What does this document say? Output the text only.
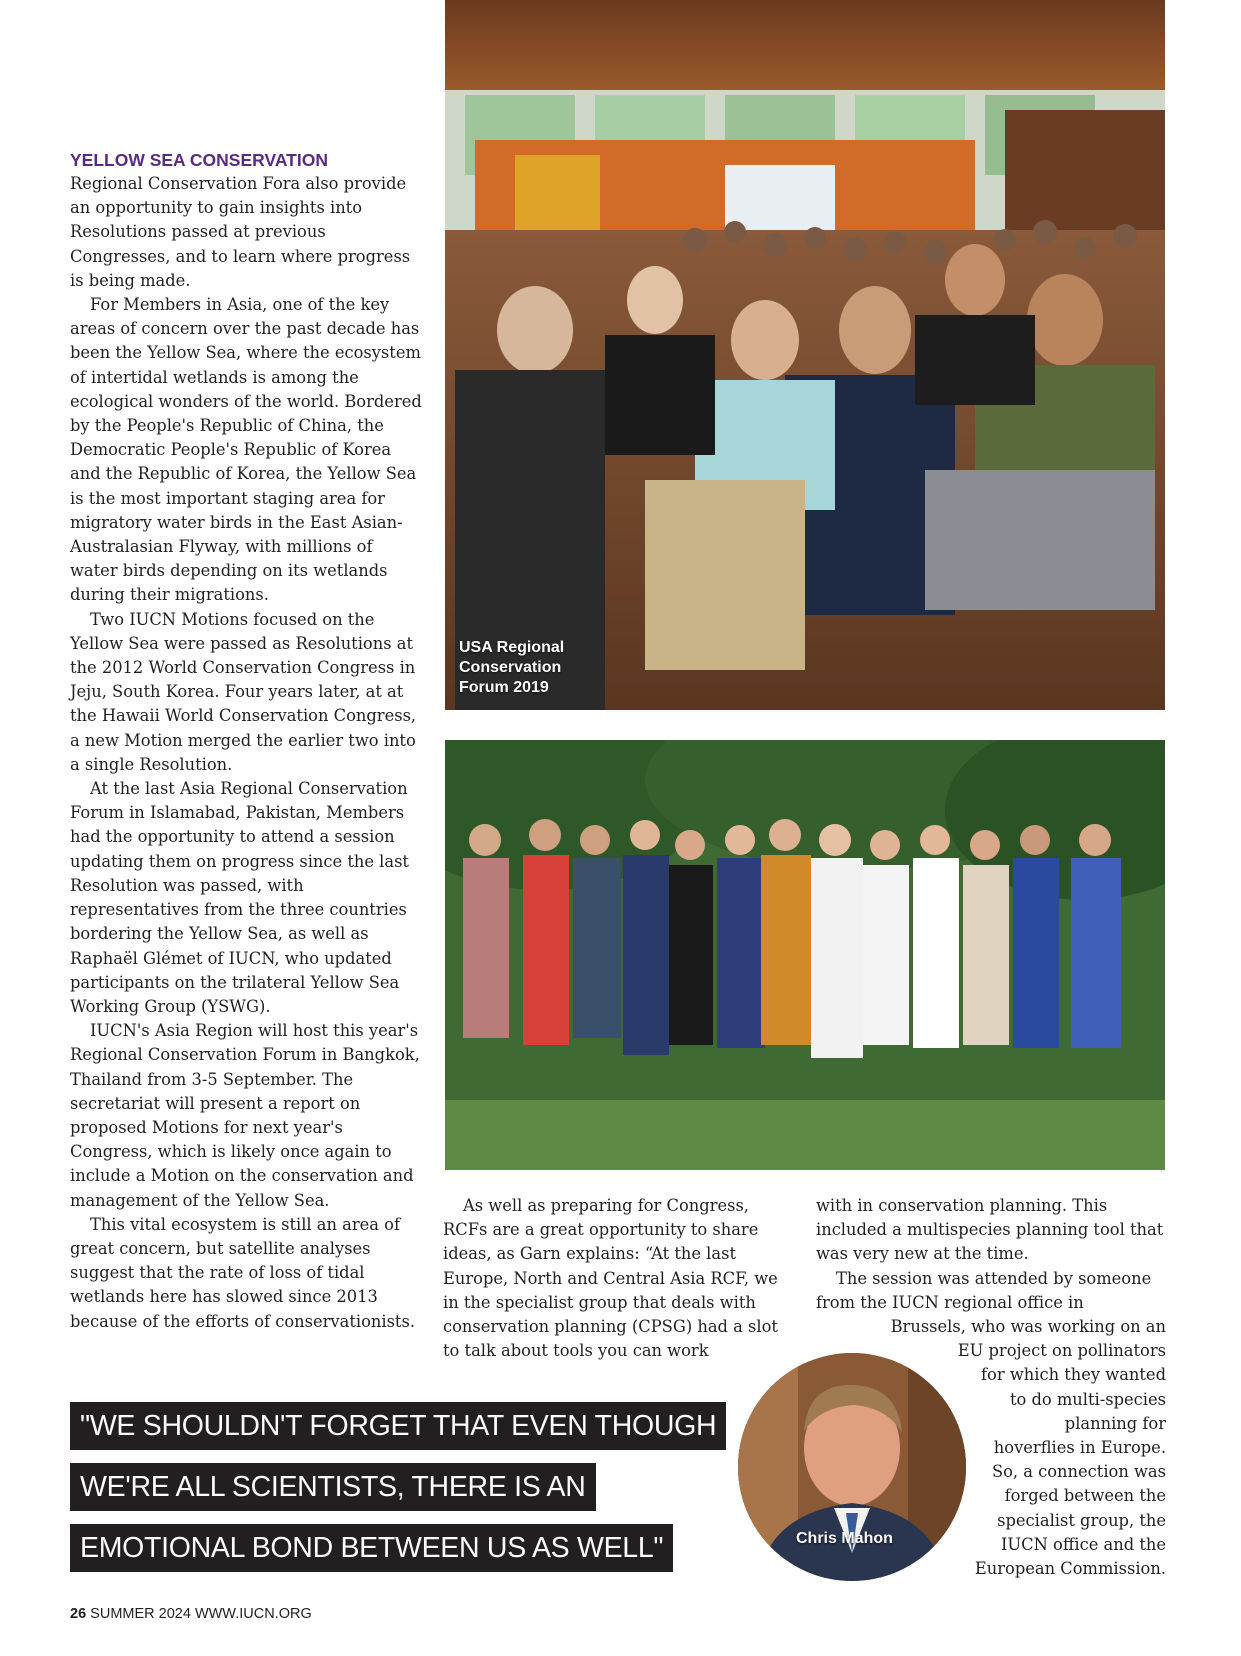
YELLOW SEA CONSERVATION

Regional Conservation Fora also provide an opportunity to gain insights into Resolutions passed at previous Congresses, and to learn where progress is being made.

For Members in Asia, one of the key areas of concern over the past decade has been the Yellow Sea, where the ecosystem of intertidal wetlands is among the ecological wonders of the world. Bordered by the People's Republic of China, the Democratic People's Republic of Korea and the Republic of Korea, the Yellow Sea is the most important staging area for migratory water birds in the East Asian-Australasian Flyway, with millions of water birds depending on its wetlands during their migrations.

Two IUCN Motions focused on the Yellow Sea were passed as Resolutions at the 2012 World Conservation Congress in Jeju, South Korea. Four years later, at at the Hawaii World Conservation Congress, a new Motion merged the earlier two into a single Resolution.

At the last Asia Regional Conservation Forum in Islamabad, Pakistan, Members had the opportunity to attend a session updating them on progress since the last Resolution was passed, with representatives from the three countries bordering the Yellow Sea, as well as Raphaël Glémet of IUCN, who updated participants on the trilateral Yellow Sea Working Group (YSWG).

IUCN's Asia Region will host this year's Regional Conservation Forum in Bangkok, Thailand from 3-5 September. The secretariat will present a report on proposed Motions for next year's Congress, which is likely once again to include a Motion on the conservation and management of the Yellow Sea.

This vital ecosystem is still an area of great concern, but satellite analyses suggest that the rate of loss of tidal wetlands here has slowed since 2013 because of the efforts of conservationists.

USA Regional
Conservation
Forum 2019

As well as preparing for Congress, RCFs are a great opportunity to share ideas, as Garn explains: “At the last Europe, North and Central Asia RCF, we in the specialist group that deals with conservation planning (CPSG) had a slot to talk about tools you can work

with in conservation planning. This included a multispecies planning tool that was very new at the time.

The session was attended by someone from the IUCN regional office in

Brussels, who was working on an

EU project on pollinators

for which they wanted

to do multi-species

planning for

hoverflies in Europe.

So, a connection was

forged between the

specialist group, the

IUCN office and the

European Commission.

"WE SHOULDN'T FORGET THAT EVEN THOUGH
WE'RE ALL SCIENTISTS, THERE IS AN
EMOTIONAL BOND BETWEEN US AS WELL"	Chris Mahon
26 SUMMER 2024 WWW.IUCN.ORG
